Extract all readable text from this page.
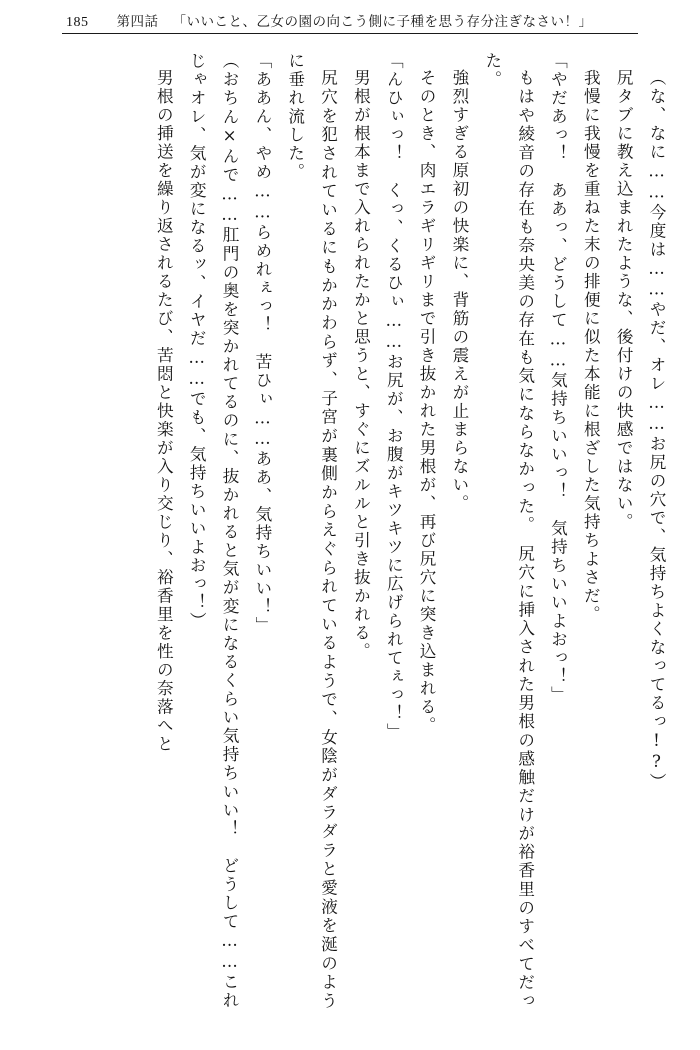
185 第四話 「いいこと、乙女の園の向こう側に子種を思う存分注ぎなさい！」

（な、なに……今度は……やだ、オレ……お尻の穴で、気持ちよくなってるっ!?）

尻タブに教え込まれたような、後付けの快感ではない。

我慢に我慢を重ねた末の排便に似た本能に根ざした気持ちよさだ。

「やだあっ！　ああっ、どうして……気持ちいいっ！　気持ちいいよおっ！」

もはや綾音の存在も奈央美の存在も気にならなかった。　尻穴に挿入された男根の感触だけが裕香里のすべてだった。

強烈すぎる原初の快楽に、背筋の震えが止まらない。

そのとき、肉エラギリギリまで引き抜かれた男根が、再び尻穴に突き込まれる。

「んひぃっ！　くっ、くるひぃ……お尻が、お腹がキツキツに広げられてぇっ！」

男根が根本まで入れられたかと思うと、すぐにズルルと引き抜かれる。

尻穴を犯されているにもかかわらず、子宮が裏側からえぐられているようで、女陰がダラダラと愛液を涎のように垂れ流した。

「ああん、やめ……らめれぇっ！　苦ひぃ……ああ、気持ちいい！」

（おちん×んで……肛門の奥を突かれてるのに、抜かれると気が変になるくらい気持ちいい！　どうして……これじゃオレ、気が変になるッ、イヤだ……でも、気持ちいいよおっ！）

男根の挿送を繰り返されるたび、苦悶と快楽が入り交じり、裕香里を性の奈落へと
